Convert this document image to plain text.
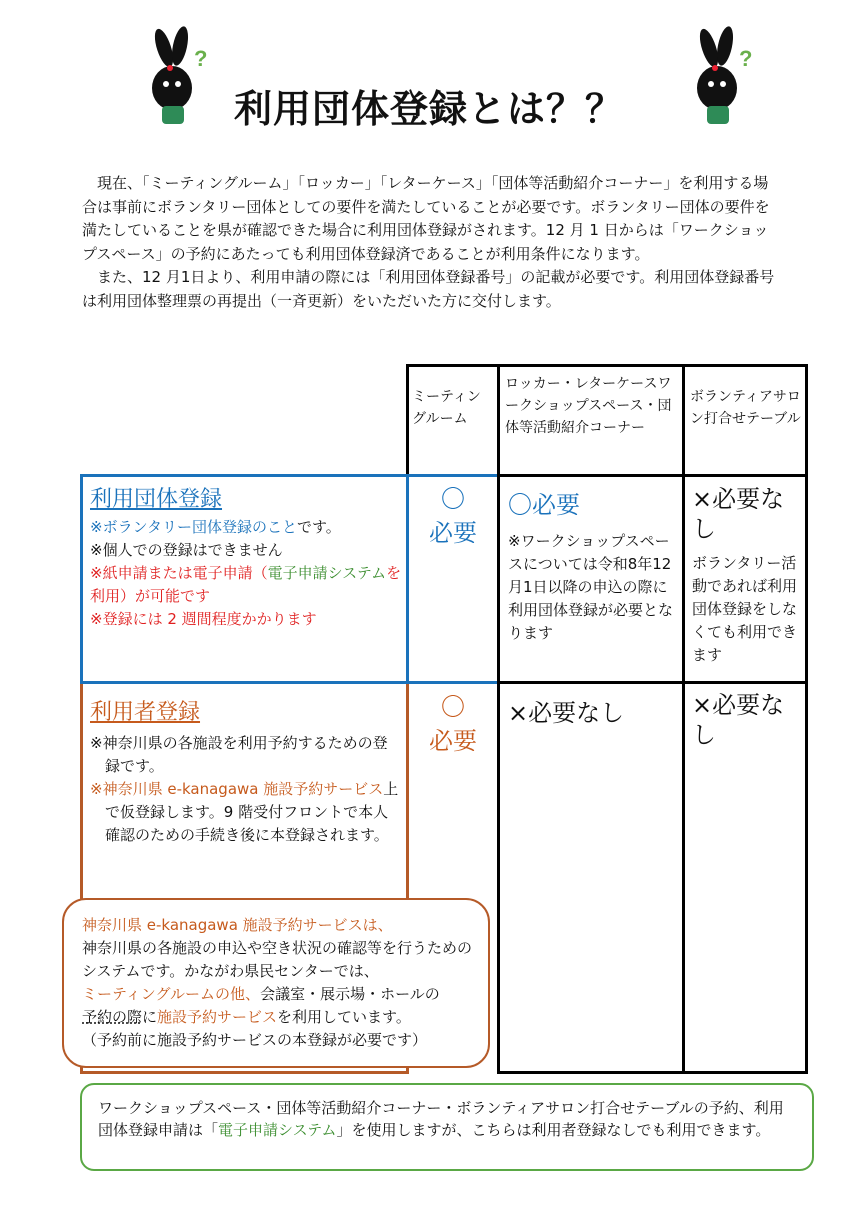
?	?
利用団体登録とは？？

現在、「ミーティングルーム」「ロッカー」「レターケース」「団体等活動紹介コーナー」を利用する場合は事前にボランタリー団体としての要件を満たしていることが必要です。ボランタリー団体の要件を満たしていることを県が確認できた場合に利用団体登録がされます。12 月 1 日からは「ワークショップスペース」の予約にあたっても利用団体登録済であることが利用条件になります。

また、12 月1日より、利用申請の際には「利用団体登録番号」の記載が必要です。利用団体登録番号は利用団体整理票の再提出（一斉更新）をいただいた方に交付します。

ミーティングルーム
ロッカー・レターケースワークショップスペース・団体等活動紹介コーナー
ボランティアサロン打合せテーブル
利用団体登録
※ボランタリー団体登録のことです。
※個人での登録はできません
※紙申請または電子申請（電子申請システムを利用）が可能です
※登録には 2 週間程度かかります
〇
必要
〇必要
※ワークショップスペースについては令和8年12月1日以降の申込の際に利用団体登録が必要となります
×必要なし
ボランタリー活動であれば利用団体登録をしなくても利用できます
利用者登録

※神奈川県の各施設を利用予約するための登録です。

※神奈川県 e-kanagawa 施設予約サービス上で仮登録します。9 階受付フロントで本人確認のための手続き後に本登録されます。

〇
必要
×必要なし	×必要なし
神奈川県 e-kanagawa 施設予約サービスは、
神奈川県の各施設の申込や空き状況の確認等を行うためのシステムです。かながわ県民センターでは、
ミーティングルームの他、会議室・展示場・ホールの
予約の際に施設予約サービスを利用しています。
（予約前に施設予約サービスの本登録が必要です）
ワークショップスペース・団体等活動紹介コーナー・ボランティアサロン打合せテーブルの予約、利用団体登録申請は「電子申請システム」を使用しますが、こちらは利用者登録なしでも利用できます。
